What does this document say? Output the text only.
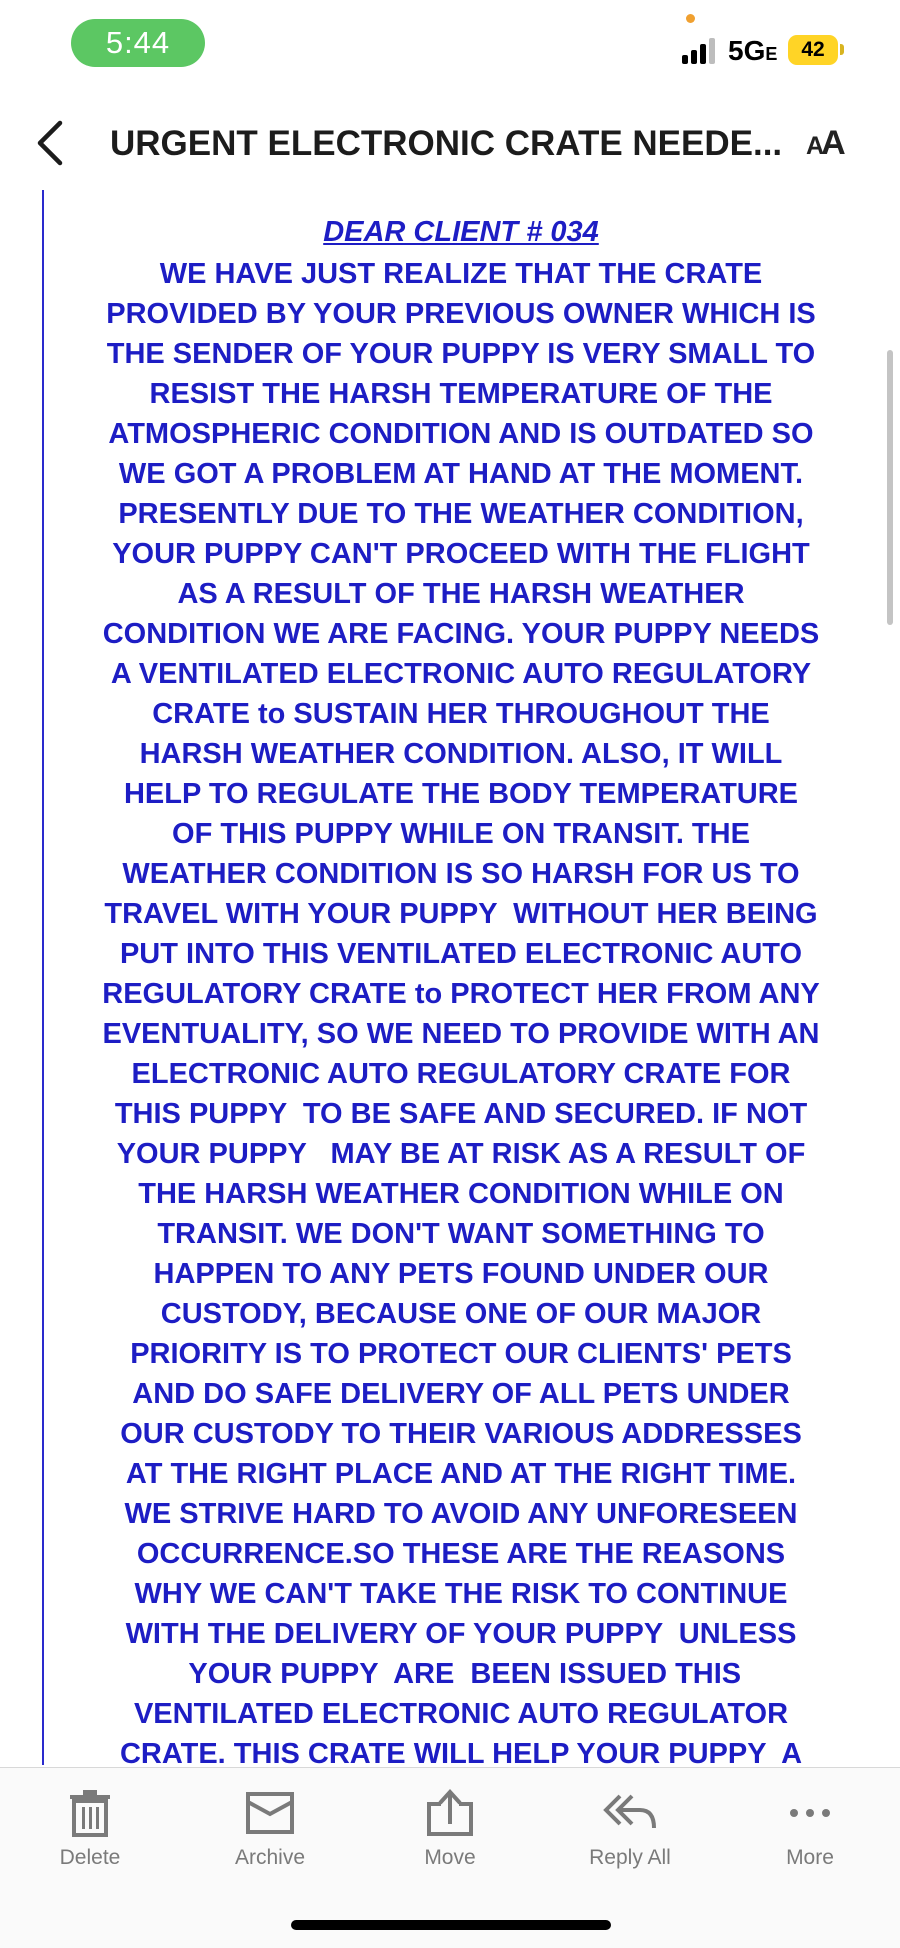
5:44	5GE	42
URGENT ELECTRONIC CRATE NEEDE... AA
DEAR CLIENT # 034
WE HAVE JUST REALIZE THAT THE CRATE
PROVIDED BY YOUR PREVIOUS OWNER WHICH IS
THE SENDER OF YOUR PUPPY IS VERY SMALL TO
RESIST THE HARSH TEMPERATURE OF THE
ATMOSPHERIC CONDITION AND IS OUTDATED SO
WE GOT A PROBLEM AT HAND AT THE MOMENT.
PRESENTLY DUE TO THE WEATHER CONDITION,
YOUR PUPPY CAN'T PROCEED WITH THE FLIGHT
AS A RESULT OF THE HARSH WEATHER
CONDITION WE ARE FACING. YOUR PUPPY NEEDS
A VENTILATED ELECTRONIC AUTO REGULATORY
CRATE to SUSTAIN HER THROUGHOUT THE
HARSH WEATHER CONDITION. ALSO, IT WILL
HELP TO REGULATE THE BODY TEMPERATURE
OF THIS PUPPY WHILE ON TRANSIT. THE
WEATHER CONDITION IS SO HARSH FOR US TO
TRAVEL WITH YOUR PUPPY  WITHOUT HER BEING
PUT INTO THIS VENTILATED ELECTRONIC AUTO
REGULATORY CRATE to PROTECT HER FROM ANY
EVENTUALITY, SO WE NEED TO PROVIDE WITH AN
ELECTRONIC AUTO REGULATORY CRATE FOR
THIS PUPPY  TO BE SAFE AND SECURED. IF NOT
YOUR PUPPY   MAY BE AT RISK AS A RESULT OF
THE HARSH WEATHER CONDITION WHILE ON
TRANSIT. WE DON'T WANT SOMETHING TO
HAPPEN TO ANY PETS FOUND UNDER OUR
CUSTODY, BECAUSE ONE OF OUR MAJOR
PRIORITY IS TO PROTECT OUR CLIENTS' PETS
AND DO SAFE DELIVERY OF ALL PETS UNDER
OUR CUSTODY TO THEIR VARIOUS ADDRESSES
AT THE RIGHT PLACE AND AT THE RIGHT TIME.
WE STRIVE HARD TO AVOID ANY UNFORESEEN
OCCURRENCE.SO THESE ARE THE REASONS
WHY WE CAN'T TAKE THE RISK TO CONTINUE
WITH THE DELIVERY OF YOUR PUPPY  UNLESS
YOUR PUPPY  ARE  BEEN ISSUED THIS
VENTILATED ELECTRONIC AUTO REGULATOR
CRATE. THIS CRATE WILL HELP YOUR PUPPY  A
Delete	Archive	Move	Reply All	More
